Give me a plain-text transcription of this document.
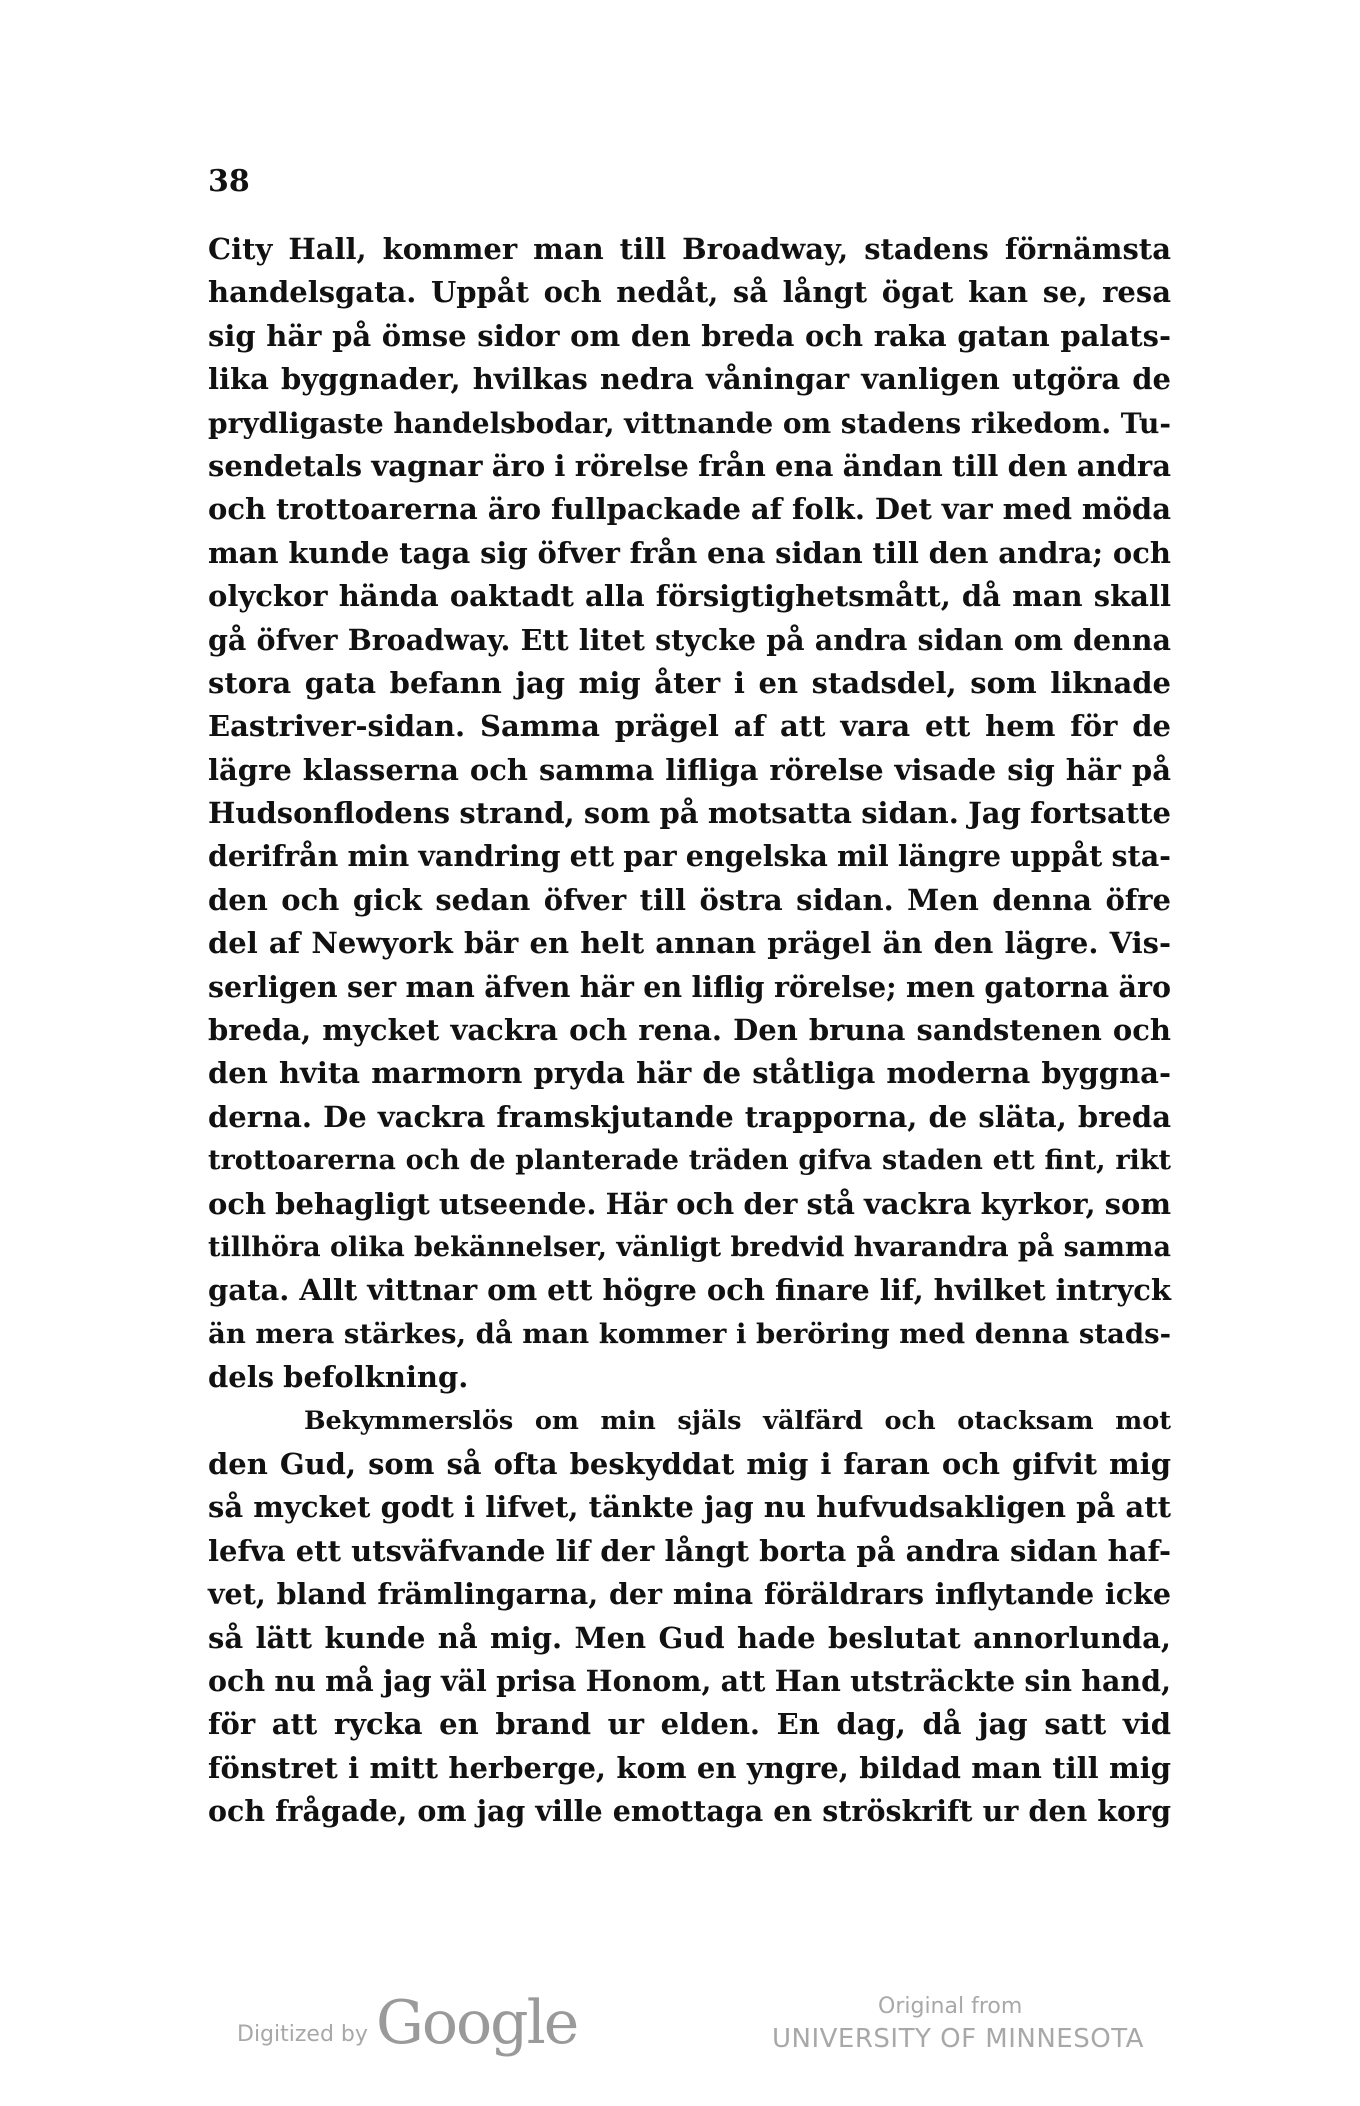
38
City Hall, kommer man till Broadway, stadens förnämsta
handelsgata. Uppåt och nedåt, så långt ögat kan se, resa
sig här på ömse sidor om den breda och raka gatan palats-
lika byggnader, hvilkas nedra våningar vanligen utgöra de
prydligaste handelsbodar, vittnande om stadens rikedom. Tu-
sendetals vagnar äro i rörelse från ena ändan till den andra
och trottoarerna äro fullpackade af folk. Det var med möda
man kunde taga sig öfver från ena sidan till den andra; och
olyckor hända oaktadt alla försigtighetsmått, då man skall
gå öfver Broadway. Ett litet stycke på andra sidan om denna
stora gata befann jag mig åter i en stadsdel, som liknade
Eastriver-sidan. Samma prägel af att vara ett hem för de
lägre klasserna och samma lifliga rörelse visade sig här på
Hudsonflodens strand, som på motsatta sidan. Jag fortsatte
derifrån min vandring ett par engelska mil längre uppåt sta-
den och gick sedan öfver till östra sidan. Men denna öfre
del af Newyork bär en helt annan prägel än den lägre. Vis-
serligen ser man äfven här en liflig rörelse; men gatorna äro
breda, mycket vackra och rena. Den bruna sandstenen och
den hvita marmorn pryda här de ståtliga moderna byggna-
derna. De vackra framskjutande trapporna, de släta, breda
trottoarerna och de planterade träden gifva staden ett fint, rikt
och behagligt utseende. Här och der stå vackra kyrkor, som
tillhöra olika bekännelser, vänligt bredvid hvarandra på samma
gata. Allt vittnar om ett högre och finare lif, hvilket intryck
än mera stärkes, då man kommer i beröring med denna stads-
dels befolkning.
Bekymmerslös om min själs välfärd och otacksam mot
den Gud, som så ofta beskyddat mig i faran och gifvit mig
så mycket godt i lifvet, tänkte jag nu hufvudsakligen på att
lefva ett utsväfvande lif der långt borta på andra sidan haf-
vet, bland främlingarna, der mina föräldrars inflytande icke
så lätt kunde nå mig. Men Gud hade beslutat annorlunda,
och nu må jag väl prisa Honom, att Han utsträckte sin hand,
för att rycka en brand ur elden. En dag, då jag satt vid
fönstret i mitt herberge, kom en yngre, bildad man till mig
och frågade, om jag ville emottaga en ströskrift ur den korg
Digitized by Google	Original from
UNIVERSITY OF MINNESOTA
